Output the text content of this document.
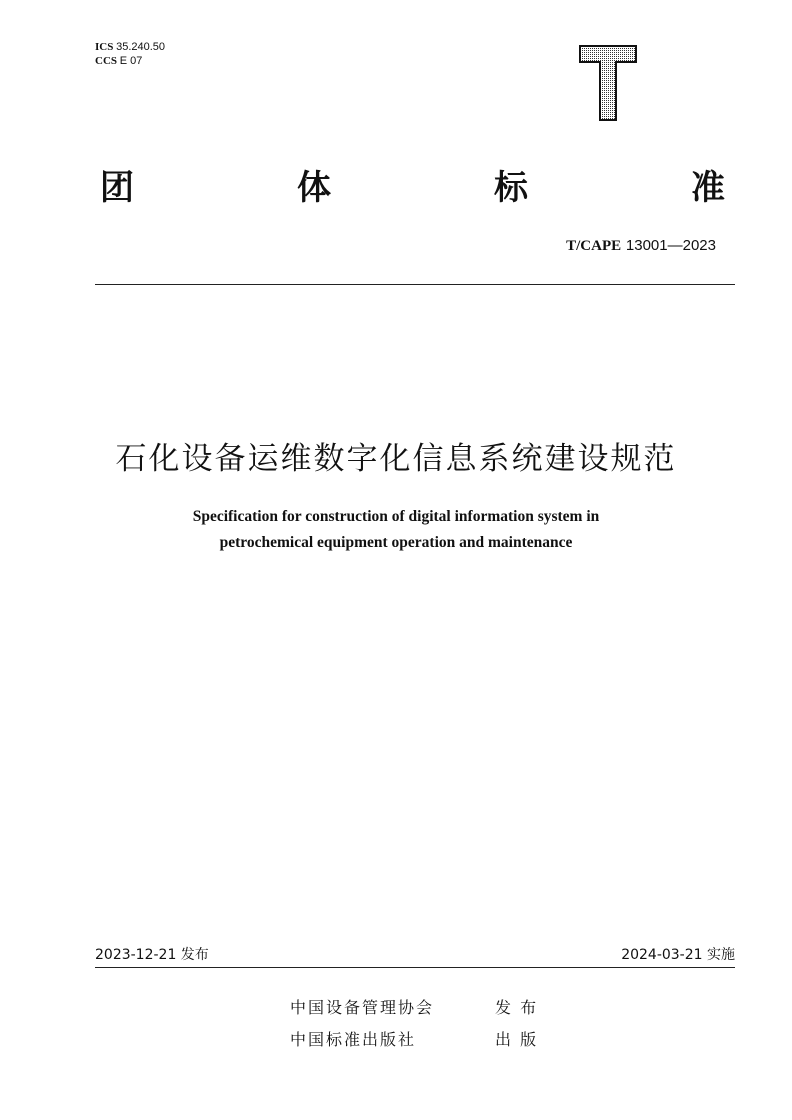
ICS 35.240.50
CCS E 07
T
团	体	标	准
T/CAPE 13001—2023
石化设备运维数字化信息系统建设规范
Specification for construction of digital information system in
petrochemical equipment operation and maintenance
2023-12-21 发布	2024-03-21 实施
中国设备管理协会	发 布
中国标准出版社	出 版
